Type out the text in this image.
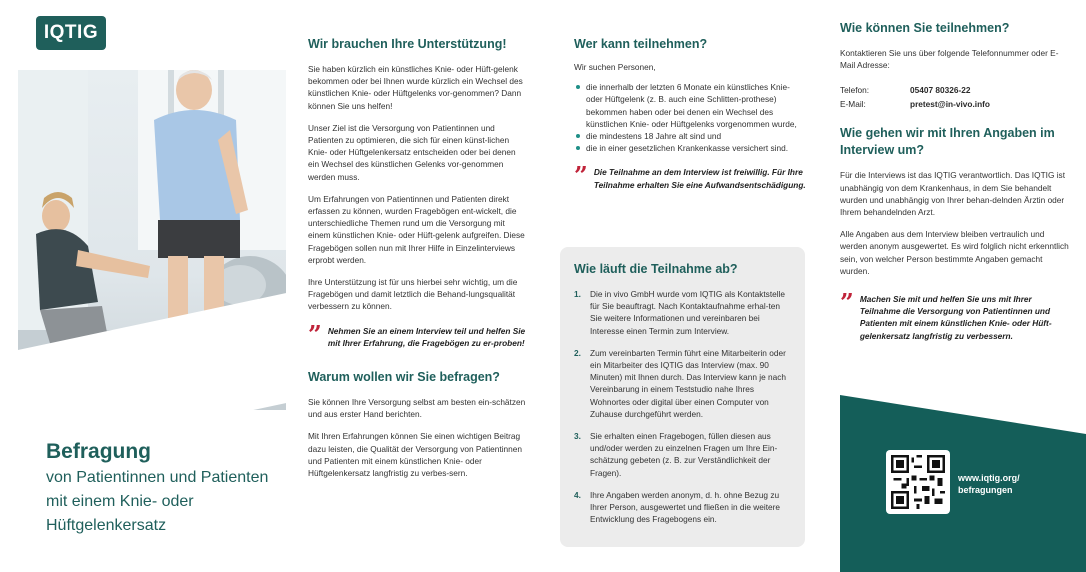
IQTIG
Befragung
von Patientinnen und Patienten mit einem Knie- oder Hüftgelenkersatz
Wir brauchen Ihre Unterstützung!

Sie haben kürzlich ein künstliches Knie- oder Hüft-gelenk bekommen oder bei Ihnen wurde kürzlich ein Wechsel des künstlichen Knie- oder Hüftgelenks vor-genommen? Dann können Sie uns helfen!

Unser Ziel ist die Versorgung von Patientinnen und Patienten zu optimieren, die sich für einen künst-lichen Knie- oder Hüftgelenkersatz entscheiden oder bei denen ein Wechsel des künstlichen Gelenks vor-genommen werden muss.

Um Erfahrungen von Patientinnen und Patienten direkt erfassen zu können, wurden Fragebögen ent-wickelt, die unterschiedliche Themen rund um die Versorgung mit einem künstlichen Knie- oder Hüft-gelenk aufgreifen. Diese Fragebögen sollen nun mit Ihrer Hilfe in Einzelinterviews erprobt werden.

Ihre Unterstützung ist für uns hierbei sehr wichtig, um die Fragebögen und damit letztlich die Behand-lungsqualität verbessern zu können.

” Nehmen Sie an einem Interview teil und helfen Sie mit Ihrer Erfahrung, die Fragebögen zu er-proben!
Warum wollen wir Sie befragen?

Sie können Ihre Versorgung selbst am besten ein-schätzen und aus erster Hand berichten.

Mit Ihren Erfahrungen können Sie einen wichtigen Beitrag dazu leisten, die Qualität der Versorgung von Patientinnen und Patienten mit einem künstlichen Knie- oder Hüftgelenkersatz langfristig zu verbes-sern.

Wer kann teilnehmen?

Wir suchen Personen,

die innerhalb der letzten 6 Monate ein künstliches Knie- oder Hüftgelenk (z. B. auch eine Schlitten-prothese) bekommen haben oder bei denen ein Wechsel des künstlichen Knie- oder Hüftgelenks vorgenommen wurde,
die mindestens 18 Jahre alt sind und
die in einer gesetzlichen Krankenkasse versichert sind.
” Die Teilnahme an dem Interview ist freiwillig. Für Ihre Teilnahme erhalten Sie eine Aufwandsentschädigung.
Wie läuft die Teilnahme ab?
1. Die in vivo GmbH wurde vom IQTIG als Kontaktstelle für Sie beauftragt. Nach Kontaktaufnahme erhal-ten Sie weitere Informationen und vereinbaren bei Interesse einen Termin zum Interview.
2. Zum vereinbarten Termin führt eine Mitarbeiterin oder ein Mitarbeiter des IQTIG das Interview (max. 90 Minuten) mit Ihnen durch. Das Interview kann je nach Vereinbarung in einem Teststudio nahe Ihres Wohnortes oder digital über einen Computer von Zuhause durchgeführt werden.
3. Sie erhalten einen Fragebogen, füllen diesen aus und/oder werden zu einzelnen Fragen um Ihre Ein-schätzung gebeten (z. B. zur Verständlichkeit der Fragen).
4. Ihre Angaben werden anonym, d. h. ohne Bezug zu Ihrer Person, ausgewertet und fließen in die weitere Entwicklung des Fragebogens ein.
Wie können Sie teilnehmen?

Kontaktieren Sie uns über folgende Telefonnummer oder E-Mail Adresse:

Telefon:	05407 80326-22
E-Mail:	pretest@in-vivo.info
Wie gehen wir mit Ihren Angaben im Interview um?

Für die Interviews ist das IQTIG verantwortlich. Das IQTIG ist unabhängig von dem Krankenhaus, in dem Sie behandelt wurden und unabhängig von Ihrer behan-delnden Ärztin oder Ihrem behandelnden Arzt.

Alle Angaben aus dem Interview bleiben vertraulich und werden anonym ausgewertet. Es wird folglich nicht erkenntlich sein, von welcher Person bestimmte Angaben gemacht wurden.

” Machen Sie mit und helfen Sie uns mit Ihrer Teilnahme die Versorgung von Patientinnen und Patienten mit einem künstlichen Knie- oder Hüft-gelenkersatz langfristig zu verbessern.
www.iqtig.org/ befragungen
